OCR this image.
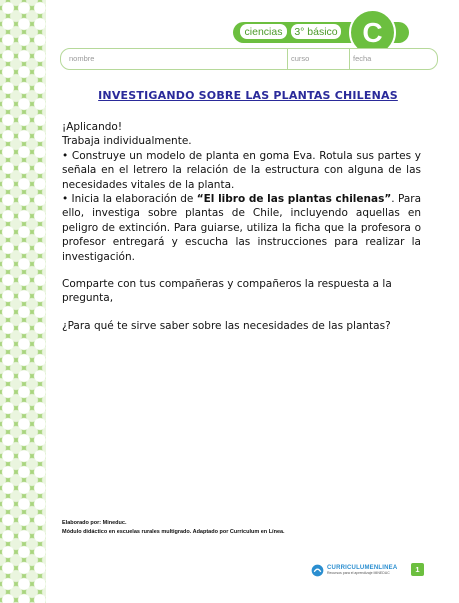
ciencias	3° básico C
nombre	curso	fecha
INVESTIGANDO SOBRE LAS PLANTAS CHILENAS

¡Aplicando!

Trabaja individualmente.

• Construye un modelo de planta en goma Eva. Rotula sus partes y señala en el letrero la relación de la estructura con alguna de las necesidades vitales de la planta.

• Inicia la elaboración de “El libro de las plantas chilenas”. Para ello, investiga sobre plantas de Chile, incluyendo aquellas en peligro de extinción. Para guiarse, utiliza la ficha que la profesora o profesor entregará y escucha las instrucciones para realizar la investigación.

Comparte con tus compañeras y compañeros la respuesta a la pregunta,

¿Para qué te sirve saber sobre las necesidades de las plantas?

Elaborado por: Mineduc.
Módulo didáctico en escuelas rurales multigrado. Adaptado por Curriculum en Línea.
CURRICULUMENLINEA
Recursos para el aprendizaje MINEDUC	1
